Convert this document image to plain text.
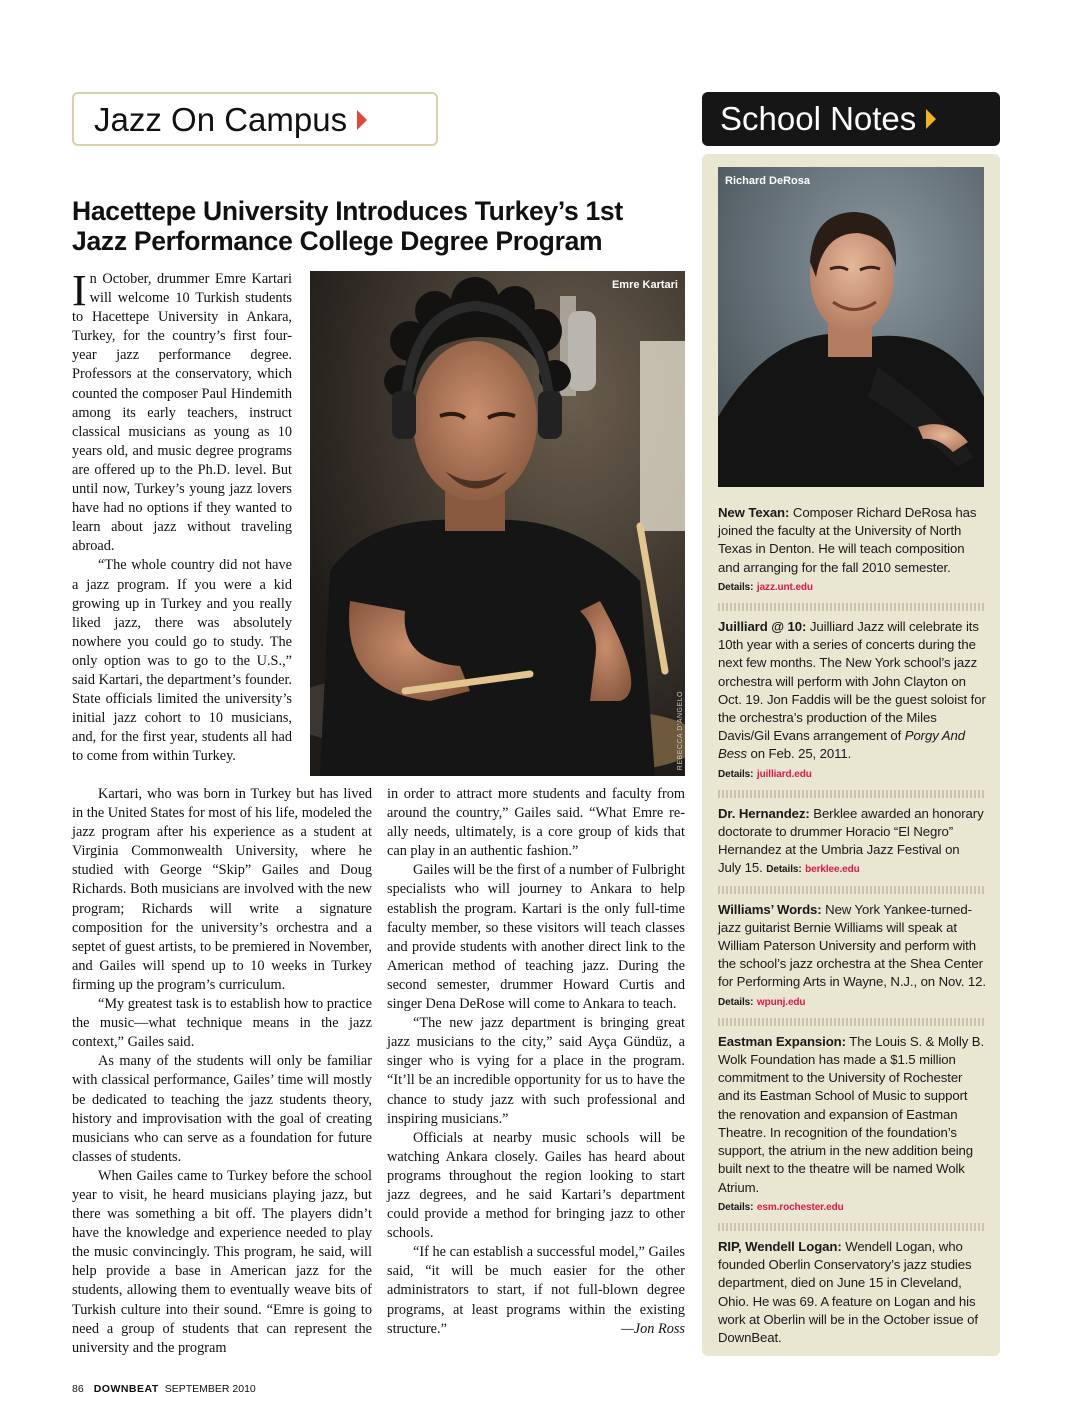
Jazz On Campus	School Notes
Hacettepe University Introduces Turkey’s 1st
Jazz Performance College Degree Program

In October, drummer Emre Kartari will welcome 10 Turkish students to Hacettepe University in Ankara, Turkey, for the country’s first four-year jazz performance degree. Professors at the conservatory, which counted the composer Paul Hindemith among its early teachers, instruct classical musicians as young as 10 years old, and music degree programs are offered up to the Ph.D. level. But until now, Turkey’s young jazz lovers have had no options if they wanted to learn about jazz without traveling abroad.

“The whole country did not have a jazz program. If you were a kid growing up in Turkey and you really liked jazz, there was absolutely nowhere you could go to study. The only option was to go to the U.S.,” said Kartari, the department’s founder. State officials limited the university’s initial jazz cohort to 10 musicians, and, for the first year, students all had to come from within Turkey.

Emre Kartari
REBECCA D’ANGELO

Kartari, who was born in Turkey but has lived in the United States for most of his life, modeled the jazz program after his experience as a student at Virginia Commonwealth University, where he studied with George “Skip” Gailes and Doug Richards. Both musicians are involved with the new program; Richards will write a signature composition for the university’s orchestra and a septet of guest artists, to be premiered in November, and Gailes will spend up to 10 weeks in Turkey firming up the program’s curriculum.

“My greatest task is to establish how to practice the music—what technique means in the jazz context,” Gailes said.

As many of the students will only be familiar with classical performance, Gailes’ time will mostly be dedicated to teaching the jazz students theory, history and improvisation with the goal of creating musicians who can serve as a foundation for future classes of students.

When Gailes came to Turkey before the school year to visit, he heard musicians playing jazz, but there was something a bit off. The players didn’t have the knowledge and experience needed to play the music convincingly. This program, he said, will help provide a base in American jazz for the students, allowing them to eventually weave bits of Turkish culture into their sound. “Emre is going to need a group of students that can represent the university and the program

in order to attract more students and faculty from around the country,” Gailes said. “What Emre really needs, ultimately, is a core group of kids that can play in an authentic fashion.”

Gailes will be the first of a number of Fulbright specialists who will journey to Ankara to help establish the program. Kartari is the only full-time faculty member, so these visitors will teach classes and provide students with another direct link to the American method of teaching jazz. During the second semester, drummer Howard Curtis and singer Dena DeRose will come to Ankara to teach.

“The new jazz department is bringing great jazz musicians to the city,” said Ayça Gündüz, a singer who is vying for a place in the program. “It’ll be an incredible opportunity for us to have the chance to study jazz with such professional and inspiring musicians.”

Officials at nearby music schools will be watching Ankara closely. Gailes has heard about programs throughout the region looking to start jazz degrees, and he said Kartari’s department could provide a method for bringing jazz to other schools.

“If he can establish a successful model,” Gailes said, “it will be much easier for the other administrators to start, if not full-blown degree programs, at least programs within the existing structure.”	—Jon Ross

Richard DeRosa
New Texan: Composer Richard DeRosa has joined the faculty at the University of North Texas in Denton. He will teach composition and arranging for the fall 2010 semester. Details: jazz.unt.edu
Juilliard @ 10: Juilliard Jazz will celebrate its 10th year with a series of concerts during the next few months. The New York school’s jazz orchestra will perform with John Clayton on Oct. 19. Jon Faddis will be the guest soloist for the orchestra’s production of the Miles Davis/Gil Evans arrangement of Porgy And Bess on Feb. 25, 2011.
Details: juilliard.edu
Dr. Hernandez: Berklee awarded an honorary doctorate to drummer Horacio “El Negro” Hernandez at the Umbria Jazz Festival on July 15. Details: berklee.edu
Williams’ Words: New York Yankee-turned-jazz guitarist Bernie Williams will speak at William Paterson University and perform with the school’s jazz orchestra at the Shea Center for Performing Arts in Wayne, N.J., on Nov. 12.
Details: wpunj.edu
Eastman Expansion: The Louis S. & Molly B. Wolk Foundation has made a $1.5 million commitment to the University of Rochester and its Eastman School of Music to support the renovation and expansion of Eastman Theatre. In recognition of the foundation’s support, the atrium in the new addition being built next to the theatre will be named Wolk Atrium.
Details: esm.rochester.edu
RIP, Wendell Logan: Wendell Logan, who founded Oberlin Conservatory’s jazz studies department, died on June 15 in Cleveland, Ohio. He was 69. A feature on Logan and his work at Oberlin will be in the October issue of DownBeat.
86 DOWNBEAT SEPTEMBER 2010
